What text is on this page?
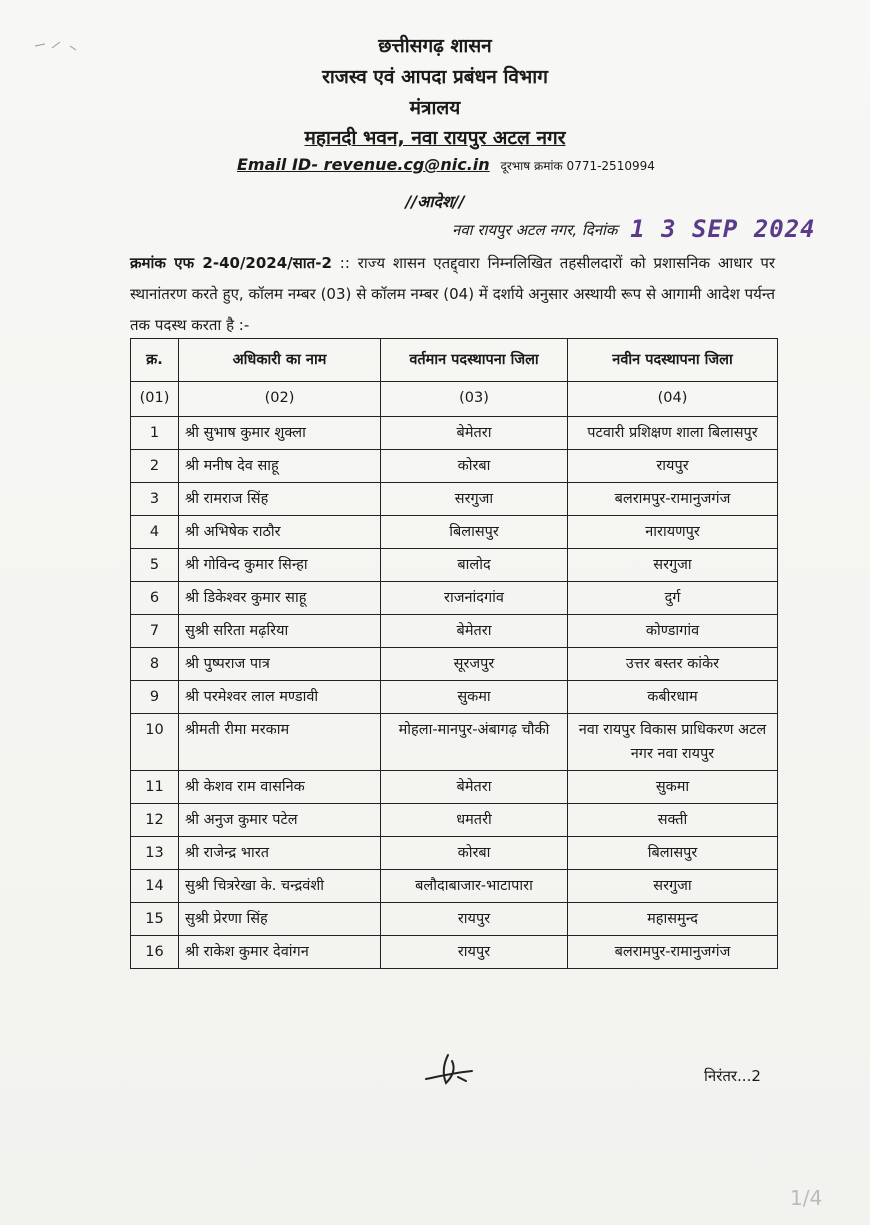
छत्तीसगढ़ शासन
राजस्व एवं आपदा प्रबंधन विभाग
मंत्रालय
महानदी भवन, नवा रायपुर अटल नगर
Email ID- revenue.cg@nic.in दूरभाष क्रमांक 0771-2510994
//आदेश//
नवा रायपुर अटल नगर, दिनांक 1 3 SEP 2024
क्रमांक एफ 2-40/2024/सात-2 :: राज्य शासन एतद्द्वारा निम्नलिखित तहसीलदारों को प्रशासनिक आधार पर स्थानांतरण करते हुए, कॉलम नम्बर (03) से कॉलम नम्बर (04) में दर्शाये अनुसार अस्थायी रूप से आगामी आदेश पर्यन्त तक पदस्थ करता है :-
क्र.	अधिकारी का नाम	वर्तमान पदस्थापना जिला	नवीन पदस्थापना जिला
(01)	(02)	(03)	(04)
1	श्री सुभाष कुमार शुक्ला	बेमेतरा	पटवारी प्रशिक्षण शाला बिलासपुर
2	श्री मनीष देव साहू	कोरबा	रायपुर
3	श्री रामराज सिंह	सरगुजा	बलरामपुर-रामानुजगंज
4	श्री अभिषेक राठौर	बिलासपुर	नारायणपुर
5	श्री गोविन्द कुमार सिन्हा	बालोद	सरगुजा
6	श्री डिकेश्वर कुमार साहू	राजनांदगांव	दुर्ग
7	सुश्री सरिता मढ़रिया	बेमेतरा	कोण्डागांव
8	श्री पुष्पराज पात्र	सूरजपुर	उत्तर बस्तर कांकेर
9	श्री परमेश्वर लाल मण्डावी	सुकमा	कबीरधाम
10	श्रीमती रीमा मरकाम	मोहला-मानपुर-अंबागढ़ चौकी	नवा रायपुर विकास प्राधिकरण अटल नगर नवा रायपुर
11	श्री केशव राम वासनिक	बेमेतरा	सुकमा
12	श्री अनुज कुमार पटेल	धमतरी	सक्ती
13	श्री राजेन्द्र भारत	कोरबा	बिलासपुर
14	सुश्री चित्ररेखा के. चन्द्रवंशी	बलौदाबाजार-भाटापारा	सरगुजा
15	सुश्री प्रेरणा सिंह	रायपुर	महासमुन्द
16	श्री राकेश कुमार देवांगन	रायपुर	बलरामपुर-रामानुजगंज
निरंतर...2
1/4
